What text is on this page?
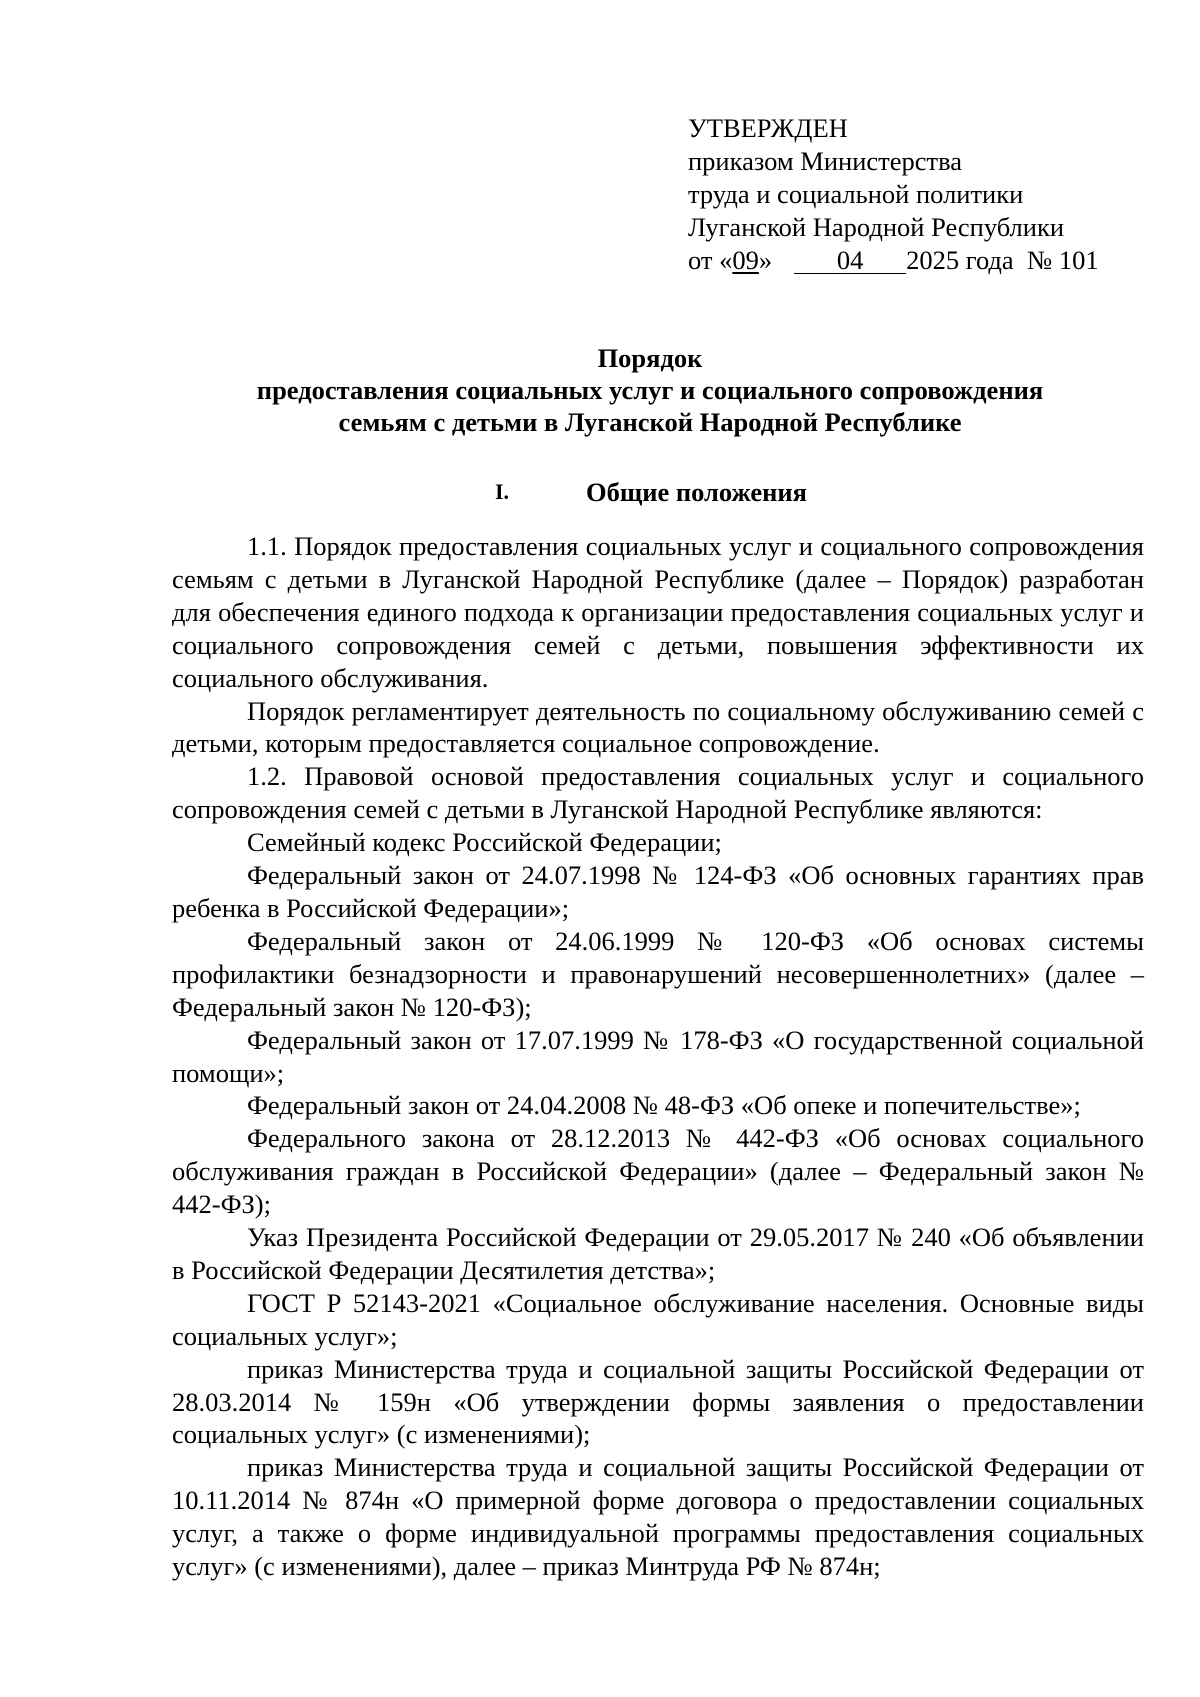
УТВЕРЖДЕН
приказом Министерства
труда и социальной политики
Луганской Народной Республики
от «09» 04 2025 года № 101
Порядок
предоставления социальных услуг и социального сопровождения
семьям с детьми в Луганской Народной Республике
I.	Общие положения

1.1. Порядок предоставления социальных услуг и социального сопровождения семьям с детьми в Луганской Народной Республике (далее – Порядок) разработан для обеспечения единого подхода к организации предоставления социальных услуг и социального сопровождения семей с детьми, повышения эффективности их социального обслуживания.

Порядок регламентирует деятельность по социальному обслуживанию семей с детьми, которым предоставляется социальное сопровождение.

1.2. Правовой основой предоставления социальных услуг и социального сопровождения семей с детьми в Луганской Народной Республике являются:

Семейный кодекс Российской Федерации;

Федеральный закон от 24.07.1998 № 124-ФЗ «Об основных гарантиях прав ребенка в Российской Федерации»;

Федеральный закон от 24.06.1999 № 120-ФЗ «Об основах системы профилактики безнадзорности и правонарушений несовершеннолетних» (далее – Федеральный закон № 120-ФЗ);

Федеральный закон от 17.07.1999 № 178-ФЗ «О государственной социальной помощи»;

Федеральный закон от 24.04.2008 № 48-ФЗ «Об опеке и попечительстве»;

Федерального закона от 28.12.2013 № 442-ФЗ «Об основах социального обслуживания граждан в Российской Федерации» (далее – Федеральный закон № 442-ФЗ);

Указ Президента Российской Федерации от 29.05.2017 № 240 «Об объявлении в Российской Федерации Десятилетия детства»;

ГОСТ Р 52143-2021 «Социальное обслуживание населения. Основные виды социальных услуг»;

приказ Министерства труда и социальной защиты Российской Федерации от 28.03.2014 № 159н «Об утверждении формы заявления о предоставлении социальных услуг» (с изменениями);

приказ Министерства труда и социальной защиты Российской Федерации от 10.11.2014 № 874н «О примерной форме договора о предоставлении социальных услуг, а также о форме индивидуальной программы предоставления социальных услуг» (с изменениями), далее – приказ Минтруда РФ № 874н;
